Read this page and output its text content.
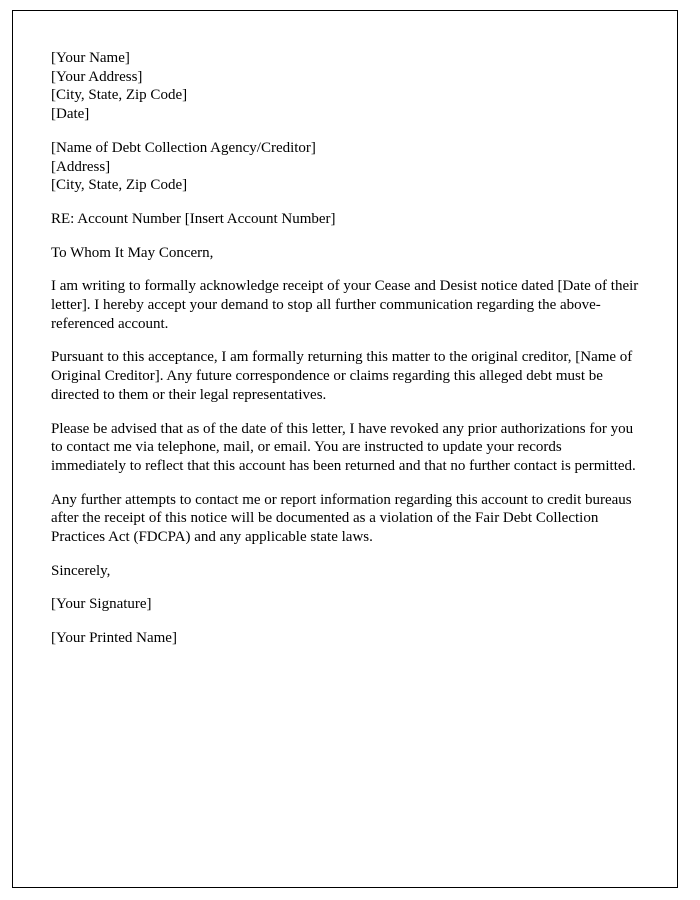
[Your Name]
[Your Address]
[City, State, Zip Code]
[Date]
[Name of Debt Collection Agency/Creditor]
[Address]
[City, State, Zip Code]
RE: Account Number [Insert Account Number]
To Whom It May Concern,
I am writing to formally acknowledge receipt of your Cease and Desist notice dated [Date of their letter]. I hereby accept your demand to stop all further communication regarding the above-referenced account.
Pursuant to this acceptance, I am formally returning this matter to the original creditor, [Name of Original Creditor]. Any future correspondence or claims regarding this alleged debt must be directed to them or their legal representatives.
Please be advised that as of the date of this letter, I have revoked any prior authorizations for you to contact me via telephone, mail, or email. You are instructed to update your records immediately to reflect that this account has been returned and that no further contact is permitted.
Any further attempts to contact me or report information regarding this account to credit bureaus after the receipt of this notice will be documented as a violation of the Fair Debt Collection Practices Act (FDCPA) and any applicable state laws.
Sincerely,
[Your Signature]
[Your Printed Name]
